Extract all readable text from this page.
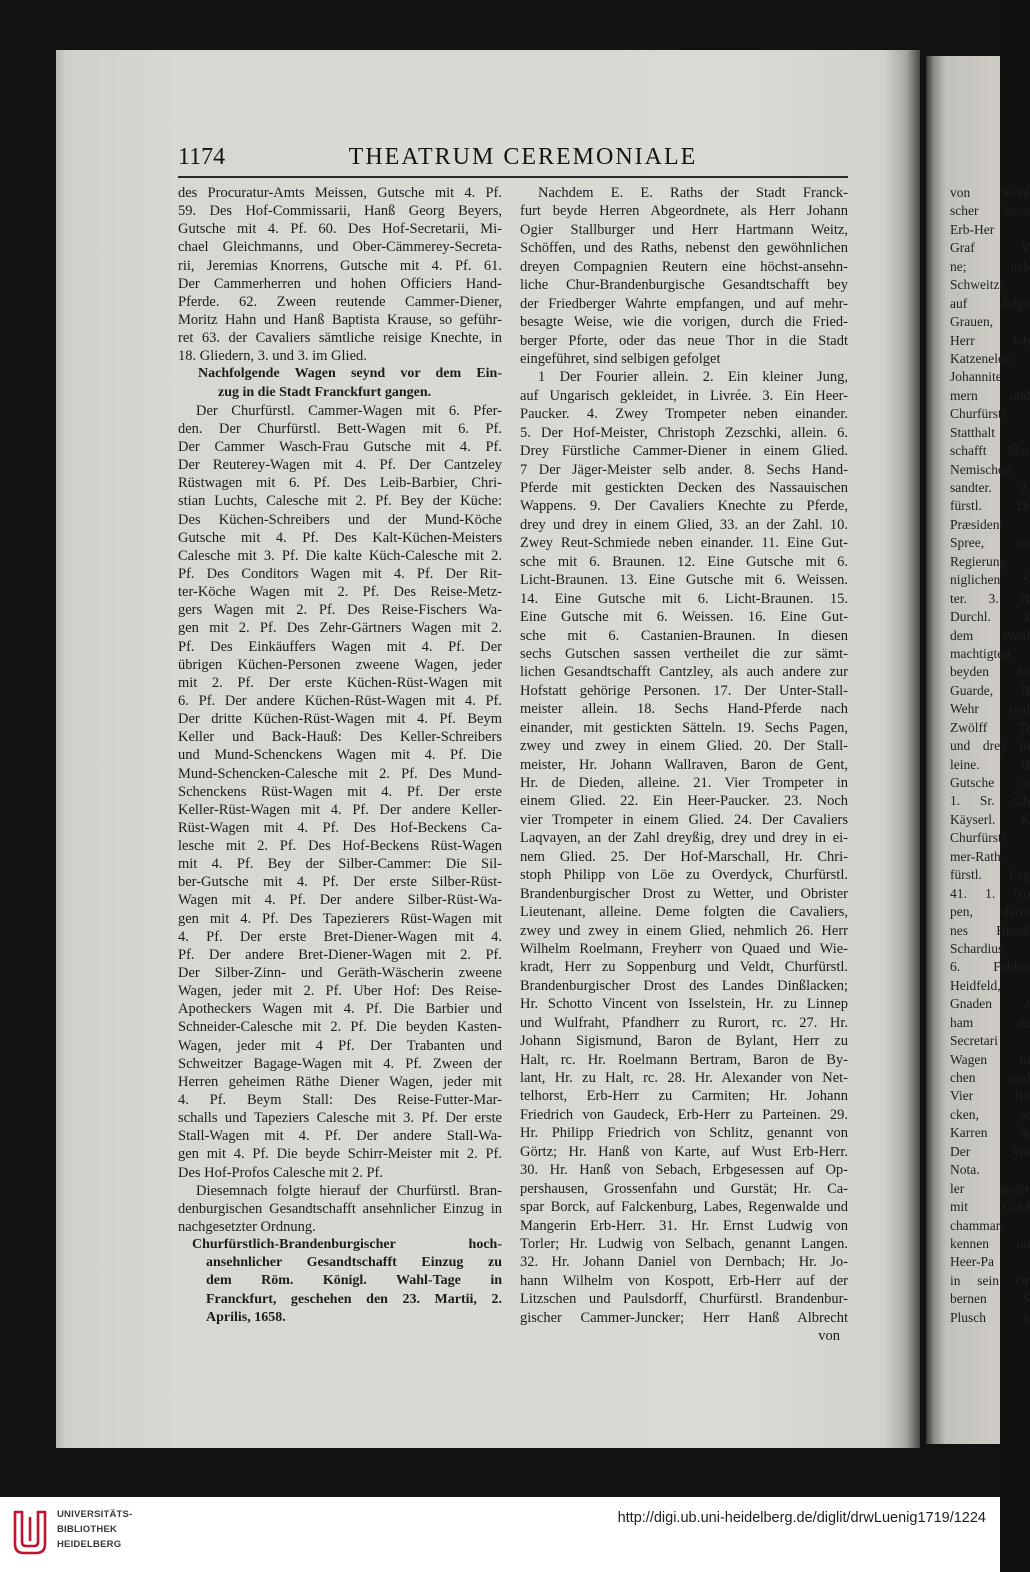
von Köni
scher besti
Erb-Her
Graf V
ne; neb
Schweitze
auf folge
Grauen,
Herr Joh
Katzenelen
Johannite
mern und
Churfürstl
Statthalt
schafft Mar
Nemischen
sandter. 2.
fürstl. Di
Præsident
Spree, an
Regierung
niglichen S
ter. 3. H
Durchl. z
dem Wahl
machtigten
beyden Se
Guarde, H
Wehr und
Zwölff Tr
und drey in
leine. H
Gutsche m
1. Sr. Ch
Käyserl. K
Churfürstl
mer-Rath,
fürstl. Leg
41. 1. No
pen, darin
nes Hundi
Schardius.
6. Fahlen
Heidfeld,
Gnaden z
ham de
Secretari
Wagen m
chen und
Vier Rü
cken, je
Karren m
Der Wa
Nota.
ler ander
mit Gold
chammari
kennen un
Heer-Pa
in sein Or
bernen S
Plusch n
1174	THEATRUM CEREMONIALE
des Procuratur-Amts Meissen, Gutsche mit 4. Pf.
59. Des Hof-Commissarii, Hanß Georg Beyers,
Gutsche mit 4. Pf. 60. Des Hof-Secretarii, Mi-
chael Gleichmanns, und Ober-Cämmerey-Secreta-
rii, Jeremias Knorrens, Gutsche mit 4. Pf. 61.
Der Cammerherren und hohen Officiers Hand-
Pferde. 62. Zween reutende Cammer-Diener,
Moritz Hahn und Hanß Baptista Krause, so geführ-
ret 63. der Cavaliers sämtliche reisige Knechte, in
18. Gliedern, 3. und 3. im Glied.
Nachfolgende Wagen seynd vor dem Ein-
zug in die Stadt Franckfurt gangen.
Der Churfürstl. Cammer-Wagen mit 6. Pfer-
den. Der Churfürstl. Bett-Wagen mit 6. Pf.
Der Cammer Wasch-Frau Gutsche mit 4. Pf.
Der Reuterey-Wagen mit 4. Pf. Der Cantzeley
Rüstwagen mit 6. Pf. Des Leib-Barbier, Chri-
stian Luchts, Calesche mit 2. Pf. Bey der Küche:
Des Küchen-Schreibers und der Mund-Köche
Gutsche mit 4. Pf. Des Kalt-Küchen-Meisters
Calesche mit 3. Pf. Die kalte Küch-Calesche mit 2.
Pf. Des Conditors Wagen mit 4. Pf. Der Rit-
ter-Köche Wagen mit 2. Pf. Des Reise-Metz-
gers Wagen mit 2. Pf. Des Reise-Fischers Wa-
gen mit 2. Pf. Des Zehr-Gärtners Wagen mit 2.
Pf. Des Einkäuffers Wagen mit 4. Pf. Der
übrigen Küchen-Personen zweene Wagen, jeder
mit 2. Pf. Der erste Küchen-Rüst-Wagen mit
6. Pf. Der andere Küchen-Rüst-Wagen mit 4. Pf.
Der dritte Küchen-Rüst-Wagen mit 4. Pf. Beym
Keller und Back-Hauß: Des Keller-Schreibers
und Mund-Schenckens Wagen mit 4. Pf. Die
Mund-Schencken-Calesche mit 2. Pf. Des Mund-
Schenckens Rüst-Wagen mit 4. Pf. Der erste
Keller-Rüst-Wagen mit 4. Pf. Der andere Keller-
Rüst-Wagen mit 4. Pf. Des Hof-Beckens Ca-
lesche mit 2. Pf. Des Hof-Beckens Rüst-Wagen
mit 4. Pf. Bey der Silber-Cammer: Die Sil-
ber-Gutsche mit 4. Pf. Der erste Silber-Rüst-
Wagen mit 4. Pf. Der andere Silber-Rüst-Wa-
gen mit 4. Pf. Des Tapezierers Rüst-Wagen mit
4. Pf. Der erste Bret-Diener-Wagen mit 4.
Pf. Der andere Bret-Diener-Wagen mit 2. Pf.
Der Silber-Zinn- und Geräth-Wäscherin zweene
Wagen, jeder mit 2. Pf. Uber Hof: Des Reise-
Apotheckers Wagen mit 4. Pf. Die Barbier und
Schneider-Calesche mit 2. Pf. Die beyden Kasten-
Wagen, jeder mit 4 Pf. Der Trabanten und
Schweitzer Bagage-Wagen mit 4. Pf. Zween der
Herren geheimen Räthe Diener Wagen, jeder mit
4. Pf. Beym Stall: Des Reise-Futter-Mar-
schalls und Tapeziers Calesche mit 3. Pf. Der erste
Stall-Wagen mit 4. Pf. Der andere Stall-Wa-
gen mit 4. Pf. Die beyde Schirr-Meister mit 2. Pf.
Des Hof-Profos Calesche mit 2. Pf.
Diesemnach folgte hierauf der Churfürstl. Bran-
denburgischen Gesandtschafft ansehnlicher Einzug in
nachgesetzter Ordnung.
Churfürstlich-Brandenburgischer hoch-
ansehnlicher Gesandtschafft Einzug zu
dem Röm. Königl. Wahl-Tage in
Franckfurt, geschehen den 23. Martii, 2.
Aprilis, 1658.
Nachdem E. E. Raths der Stadt Franck-
furt beyde Herren Abgeordnete, als Herr Johann
Ogier Stallburger und Herr Hartmann Weitz,
Schöffen, und des Raths, nebenst den gewöhnlichen
dreyen Compagnien Reutern eine höchst-ansehn-
liche Chur-Brandenburgische Gesandtschafft bey
der Friedberger Wahrte empfangen, und auf mehr-
besagte Weise, wie die vorigen, durch die Fried-
berger Pforte, oder das neue Thor in die Stadt
eingeführet, sind selbigen gefolget
1 Der Fourier allein. 2. Ein kleiner Jung,
auf Ungarisch gekleidet, in Livrée. 3. Ein Heer-
Paucker. 4. Zwey Trompeter neben einander.
5. Der Hof-Meister, Christoph Zezschki, allein. 6.
Drey Fürstliche Cammer-Diener in einem Glied.
7 Der Jäger-Meister selb ander. 8. Sechs Hand-
Pferde mit gestickten Decken des Nassauischen
Wappens. 9. Der Cavaliers Knechte zu Pferde,
drey und drey in einem Glied, 33. an der Zahl. 10.
Zwey Reut-Schmiede neben einander. 11. Eine Gut-
sche mit 6. Braunen. 12. Eine Gutsche mit 6.
Licht-Braunen. 13. Eine Gutsche mit 6. Weissen.
14. Eine Gutsche mit 6. Licht-Braunen. 15.
Eine Gutsche mit 6. Weissen. 16. Eine Gut-
sche mit 6. Castanien-Braunen. In diesen
sechs Gutschen sassen vertheilet die zur sämt-
lichen Gesandtschafft Cantzley, als auch andere zur
Hofstatt gehörige Personen. 17. Der Unter-Stall-
meister allein. 18. Sechs Hand-Pferde nach
einander, mit gestickten Sätteln. 19. Sechs Pagen,
zwey und zwey in einem Glied. 20. Der Stall-
meister, Hr. Johann Wallraven, Baron de Gent,
Hr. de Dieden, alleine. 21. Vier Trompeter in
einem Glied. 22. Ein Heer-Paucker. 23. Noch
vier Trompeter in einem Glied. 24. Der Cavaliers
Laqvayen, an der Zahl dreyßig, drey und drey in ei-
nem Glied. 25. Der Hof-Marschall, Hr. Chri-
stoph Philipp von Löe zu Overdyck, Churfürstl.
Brandenburgischer Drost zu Wetter, und Obrister
Lieutenant, alleine. Deme folgten die Cavaliers,
zwey und zwey in einem Glied, nehmlich 26. Herr
Wilhelm Roelmann, Freyherr von Quaed und Wie-
kradt, Herr zu Soppenburg und Veldt, Churfürstl.
Brandenburgischer Drost des Landes Dinßlacken;
Hr. Schotto Vincent von Isselstein, Hr. zu Linnep
und Wulfraht, Pfandherr zu Rurort, rc. 27. Hr.
Johann Sigismund, Baron de Bylant, Herr zu
Halt, rc. Hr. Roelmann Bertram, Baron de By-
lant, Hr. zu Halt, rc. 28. Hr. Alexander von Net-
telhorst, Erb-Herr zu Carmiten; Hr. Johann
Friedrich von Gaudeck, Erb-Herr zu Parteinen. 29.
Hr. Philipp Friedrich von Schlitz, genannt von
Görtz; Hr. Hanß von Karte, auf Wust Erb-Herr.
30. Hr. Hanß von Sebach, Erbgesessen auf Op-
pershausen, Grossenfahn und Gurstät; Hr. Ca-
spar Borck, auf Falckenburg, Labes, Regenwalde und
Mangerin Erb-Herr. 31. Hr. Ernst Ludwig von
Torler; Hr. Ludwig von Selbach, genannt Langen.
32. Hr. Johann Daniel von Dernbach; Hr. Jo-
hann Wilhelm von Kospott, Erb-Herr auf der
Litzschen und Paulsdorff, Churfürstl. Brandenbur-
gischer Cammer-Juncker; Herr Hanß Albrecht
von
UNIVERSITÄTS-
BIBLIOTHEK
HEIDELBERG
http://digi.ub.uni-heidelberg.de/diglit/drwLuenig1719/1224
